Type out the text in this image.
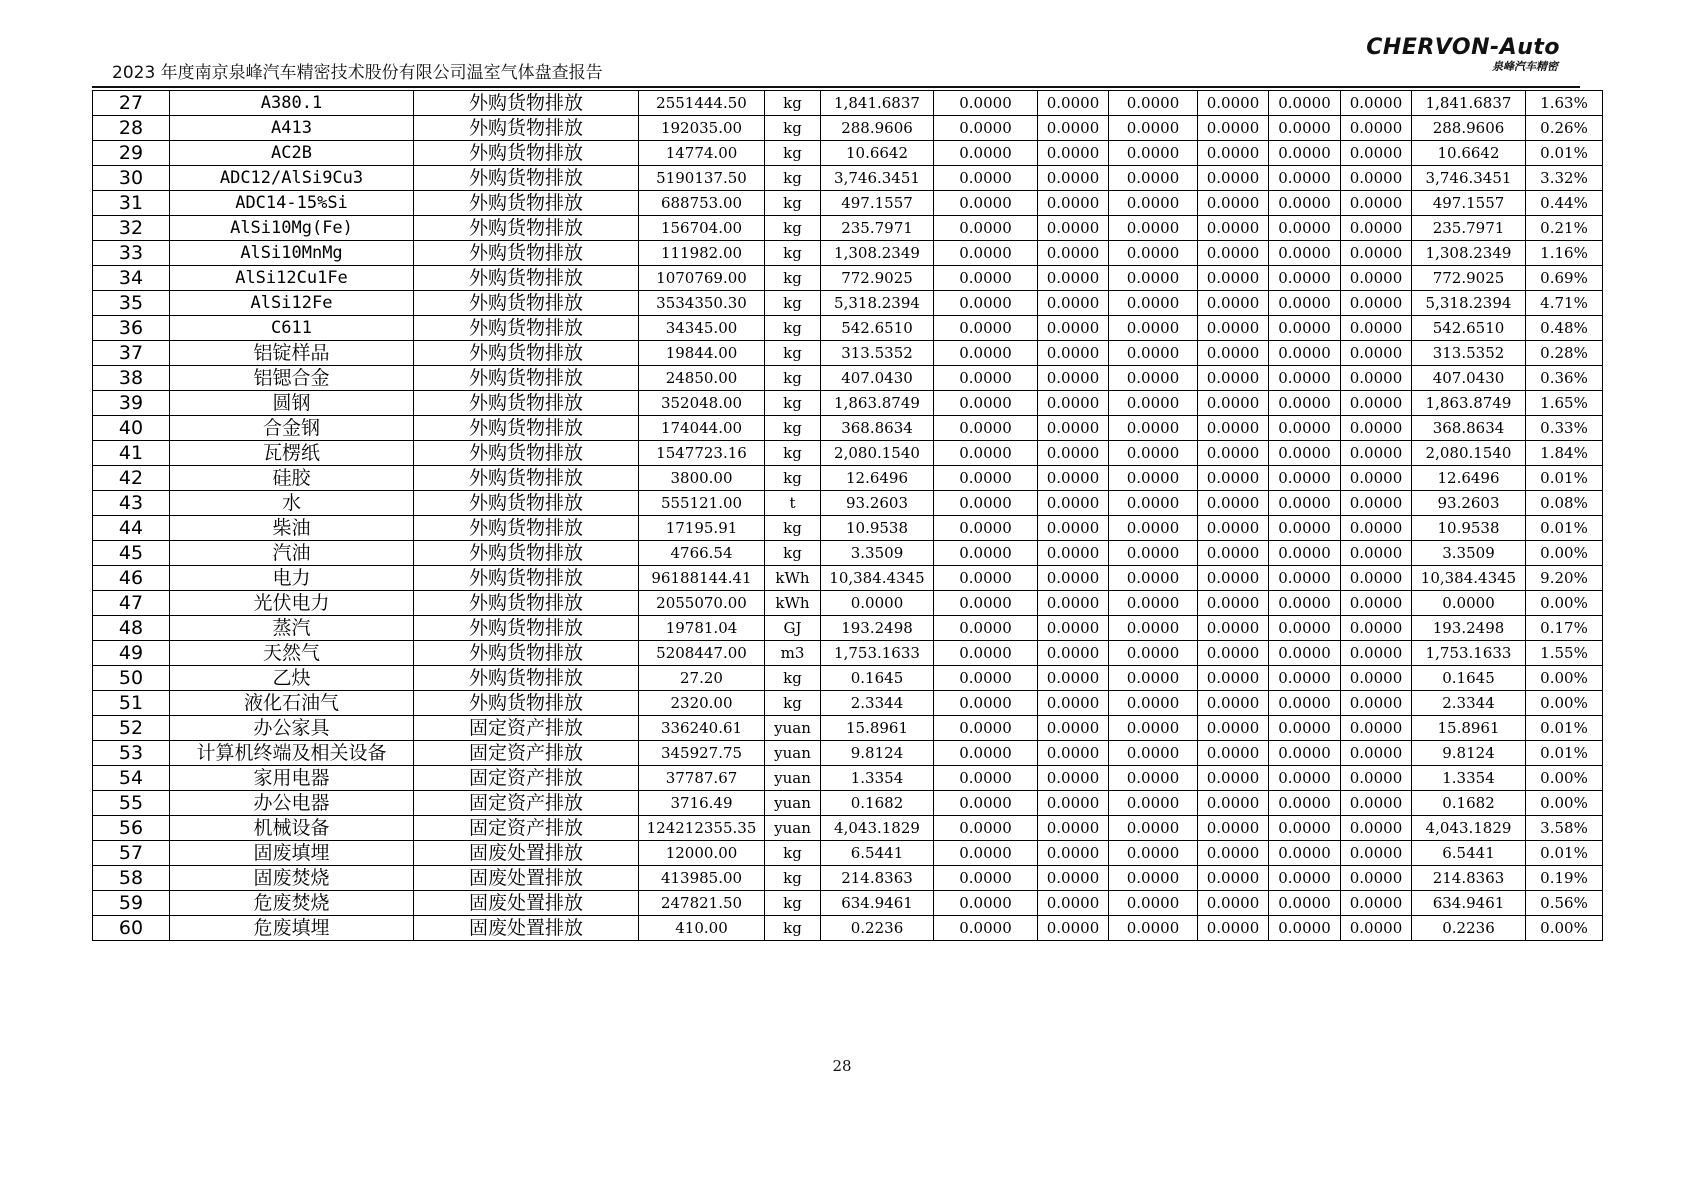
2023 年度南京泉峰汽车精密技术股份有限公司温室气体盘查报告
CHERVON-Auto
泉峰汽车精密
27	A380.1	外购货物排放	2551444.50	kg	1,841.6837	0.0000	0.0000	0.0000	0.0000	0.0000	0.0000	1,841.6837	1.63%
28	A413	外购货物排放	192035.00	kg	288.9606	0.0000	0.0000	0.0000	0.0000	0.0000	0.0000	288.9606	0.26%
29	AC2B	外购货物排放	14774.00	kg	10.6642	0.0000	0.0000	0.0000	0.0000	0.0000	0.0000	10.6642	0.01%
30	ADC12/AlSi9Cu3	外购货物排放	5190137.50	kg	3,746.3451	0.0000	0.0000	0.0000	0.0000	0.0000	0.0000	3,746.3451	3.32%
31	ADC14-15%Si	外购货物排放	688753.00	kg	497.1557	0.0000	0.0000	0.0000	0.0000	0.0000	0.0000	497.1557	0.44%
32	AlSi10Mg(Fe)	外购货物排放	156704.00	kg	235.7971	0.0000	0.0000	0.0000	0.0000	0.0000	0.0000	235.7971	0.21%
33	AlSi10MnMg	外购货物排放	111982.00	kg	1,308.2349	0.0000	0.0000	0.0000	0.0000	0.0000	0.0000	1,308.2349	1.16%
34	AlSi12Cu1Fe	外购货物排放	1070769.00	kg	772.9025	0.0000	0.0000	0.0000	0.0000	0.0000	0.0000	772.9025	0.69%
35	AlSi12Fe	外购货物排放	3534350.30	kg	5,318.2394	0.0000	0.0000	0.0000	0.0000	0.0000	0.0000	5,318.2394	4.71%
36	C611	外购货物排放	34345.00	kg	542.6510	0.0000	0.0000	0.0000	0.0000	0.0000	0.0000	542.6510	0.48%
37	铝锭样品	外购货物排放	19844.00	kg	313.5352	0.0000	0.0000	0.0000	0.0000	0.0000	0.0000	313.5352	0.28%
38	铝锶合金	外购货物排放	24850.00	kg	407.0430	0.0000	0.0000	0.0000	0.0000	0.0000	0.0000	407.0430	0.36%
39	圆钢	外购货物排放	352048.00	kg	1,863.8749	0.0000	0.0000	0.0000	0.0000	0.0000	0.0000	1,863.8749	1.65%
40	合金钢	外购货物排放	174044.00	kg	368.8634	0.0000	0.0000	0.0000	0.0000	0.0000	0.0000	368.8634	0.33%
41	瓦楞纸	外购货物排放	1547723.16	kg	2,080.1540	0.0000	0.0000	0.0000	0.0000	0.0000	0.0000	2,080.1540	1.84%
42	硅胶	外购货物排放	3800.00	kg	12.6496	0.0000	0.0000	0.0000	0.0000	0.0000	0.0000	12.6496	0.01%
43	水	外购货物排放	555121.00	t	93.2603	0.0000	0.0000	0.0000	0.0000	0.0000	0.0000	93.2603	0.08%
44	柴油	外购货物排放	17195.91	kg	10.9538	0.0000	0.0000	0.0000	0.0000	0.0000	0.0000	10.9538	0.01%
45	汽油	外购货物排放	4766.54	kg	3.3509	0.0000	0.0000	0.0000	0.0000	0.0000	0.0000	3.3509	0.00%
46	电力	外购货物排放	96188144.41	kWh	10,384.4345	0.0000	0.0000	0.0000	0.0000	0.0000	0.0000	10,384.4345	9.20%
47	光伏电力	外购货物排放	2055070.00	kWh	0.0000	0.0000	0.0000	0.0000	0.0000	0.0000	0.0000	0.0000	0.00%
48	蒸汽	外购货物排放	19781.04	GJ	193.2498	0.0000	0.0000	0.0000	0.0000	0.0000	0.0000	193.2498	0.17%
49	天然气	外购货物排放	5208447.00	m3	1,753.1633	0.0000	0.0000	0.0000	0.0000	0.0000	0.0000	1,753.1633	1.55%
50	乙炔	外购货物排放	27.20	kg	0.1645	0.0000	0.0000	0.0000	0.0000	0.0000	0.0000	0.1645	0.00%
51	液化石油气	外购货物排放	2320.00	kg	2.3344	0.0000	0.0000	0.0000	0.0000	0.0000	0.0000	2.3344	0.00%
52	办公家具	固定资产排放	336240.61	yuan	15.8961	0.0000	0.0000	0.0000	0.0000	0.0000	0.0000	15.8961	0.01%
53	计算机终端及相关设备	固定资产排放	345927.75	yuan	9.8124	0.0000	0.0000	0.0000	0.0000	0.0000	0.0000	9.8124	0.01%
54	家用电器	固定资产排放	37787.67	yuan	1.3354	0.0000	0.0000	0.0000	0.0000	0.0000	0.0000	1.3354	0.00%
55	办公电器	固定资产排放	3716.49	yuan	0.1682	0.0000	0.0000	0.0000	0.0000	0.0000	0.0000	0.1682	0.00%
56	机械设备	固定资产排放	124212355.35	yuan	4,043.1829	0.0000	0.0000	0.0000	0.0000	0.0000	0.0000	4,043.1829	3.58%
57	固废填埋	固废处置排放	12000.00	kg	6.5441	0.0000	0.0000	0.0000	0.0000	0.0000	0.0000	6.5441	0.01%
58	固废焚烧	固废处置排放	413985.00	kg	214.8363	0.0000	0.0000	0.0000	0.0000	0.0000	0.0000	214.8363	0.19%
59	危废焚烧	固废处置排放	247821.50	kg	634.9461	0.0000	0.0000	0.0000	0.0000	0.0000	0.0000	634.9461	0.56%
60	危废填埋	固废处置排放	410.00	kg	0.2236	0.0000	0.0000	0.0000	0.0000	0.0000	0.0000	0.2236	0.00%
28
